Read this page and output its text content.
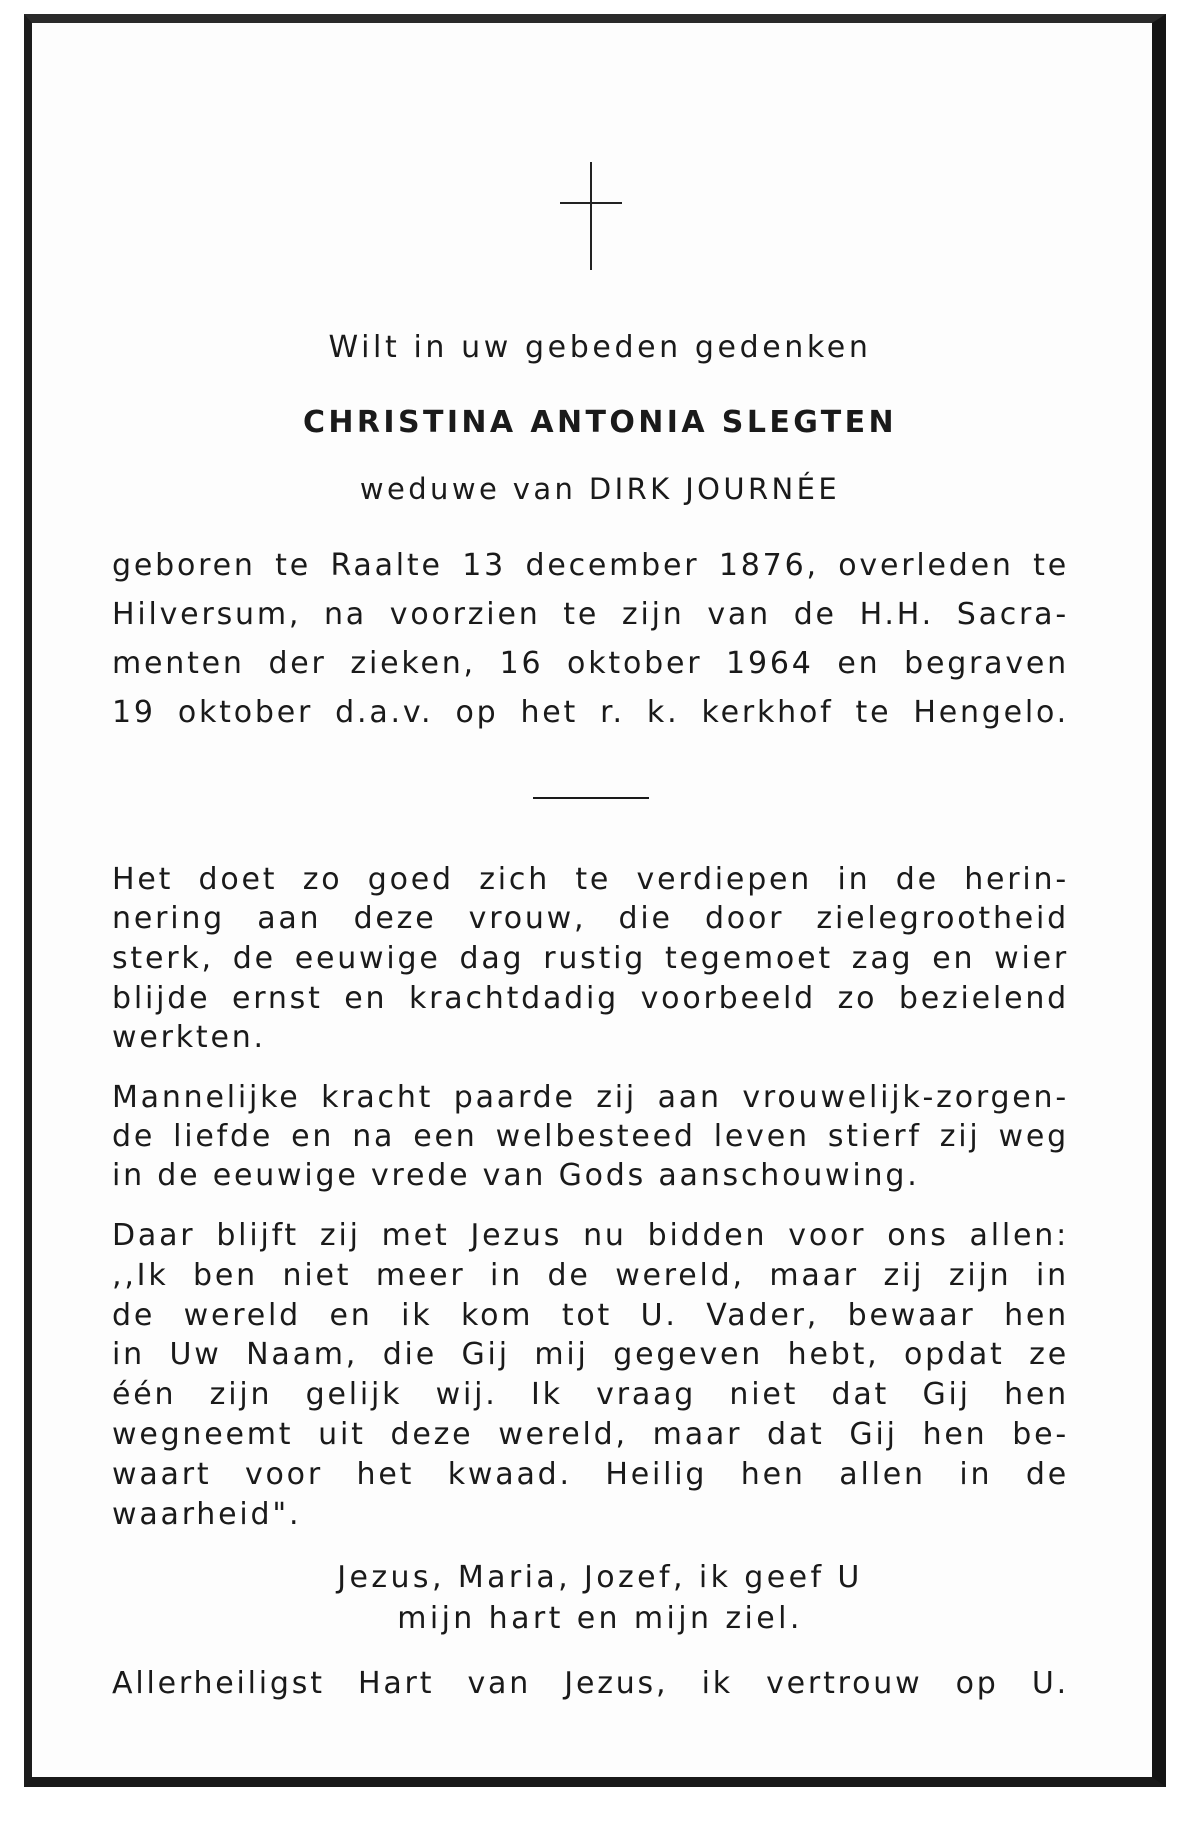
Wilt in uw gebeden gedenken
CHRISTINA ANTONIA SLEGTEN
weduwe van DIRK JOURNÉE
geboren te Raalte 13 december 1876, overleden te
Hilversum, na voorzien te zijn van de H.H. Sacra-
menten der zieken, 16 oktober 1964 en begraven
19 oktober d.a.v. op het r. k. kerkhof te Hengelo.
Het doet zo goed zich te verdiepen in de herin-
nering aan deze vrouw, die door zielegrootheid
sterk, de eeuwige dag rustig tegemoet zag en wier
blijde ernst en krachtdadig voorbeeld zo bezielend
werkten.
Mannelijke kracht paarde zij aan vrouwelijk-zorgen-
de liefde en na een welbesteed leven stierf zij weg
in de eeuwige vrede van Gods aanschouwing.
Daar blijft zij met Jezus nu bidden voor ons allen:
,,Ik ben niet meer in de wereld, maar zij zijn in
de wereld en ik kom tot U. Vader, bewaar hen
in Uw Naam, die Gij mij gegeven hebt, opdat ze
één zijn gelijk wij. Ik vraag niet dat Gij hen
wegneemt uit deze wereld, maar dat Gij hen be-
waart voor het kwaad. Heilig hen allen in de
waarheid".
Jezus, Maria, Jozef, ik geef U
mijn hart en mijn ziel.
Allerheiligst Hart van Jezus, ik vertrouw op U.
